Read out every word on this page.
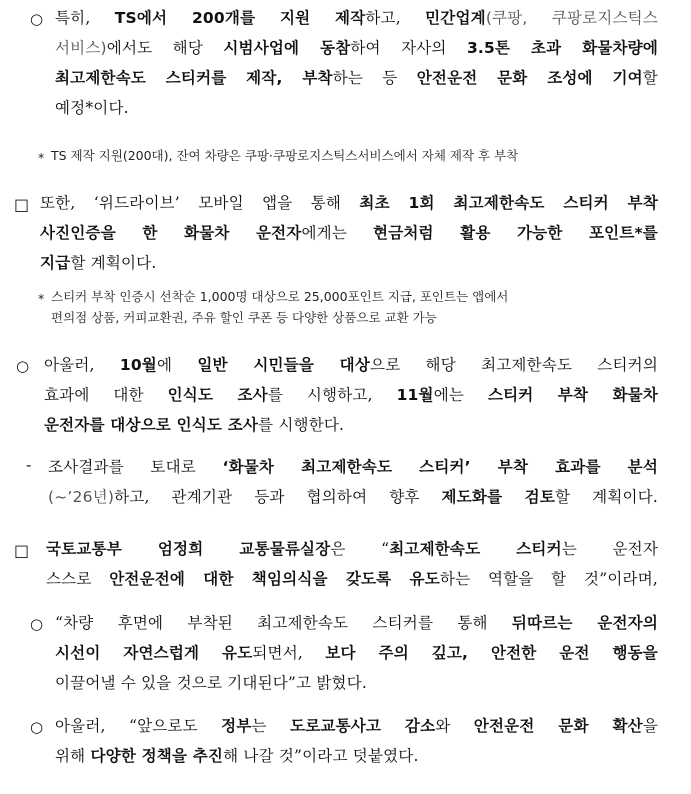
○ 특히, TS에서 200개를 지원 제작하고, 민간업계(쿠팡, 쿠팡로지스틱스
서비스)에서도 해당 시범사업에 동참하여 자사의 3.5톤 초과 화물차량에
최고제한속도 스티커를 제작, 부착하는 등 안전운전 문화 조성에 기여할
예정*이다.
* TS 제작 지원(200대), 잔여 차량은 쿠팡·쿠팡로지스틱스서비스에서 자체 제작 후 부착
□ 또한, ‘위드라이브’ 모바일 앱을 통해 최초 1회 최고제한속도 스티커 부착
사진인증을 한 화물차 운전자에게는 현금처럼 활용 가능한 포인트*를
지급할 계획이다.
* 스티커 부착 인증시 선착순 1,000명 대상으로 25,000포인트 지급, 포인트는 앱에서
편의점 상품, 커피교환권, 주유 할인 쿠폰 등 다양한 상품으로 교환 가능
○ 아울러, 10월에 일반 시민들을 대상으로 해당 최고제한속도 스티커의
효과에 대한 인식도 조사를 시행하고, 11월에는 스티커 부착 화물차
운전자를 대상으로 인식도 조사를 시행한다.
- 조사결과를 토대로 ‘화물차 최고제한속도 스티커’ 부착 효과를 분석
(~’26년)하고, 관계기관 등과 협의하여 향후 제도화를 검토할 계획이다.
□ 국토교통부 엄정희 교통물류실장은 “최고제한속도 스티커는 운전자
스스로 안전운전에 대한 책임의식을 갖도록 유도하는 역할을 할 것”이라며,
○ “차량 후면에 부착된 최고제한속도 스티커를 통해 뒤따르는 운전자의
시선이 자연스럽게 유도되면서, 보다 주의 깊고, 안전한 운전 행동을
이끌어낼 수 있을 것으로 기대된다”고 밝혔다.
○ 아울러, “앞으로도 정부는 도로교통사고 감소와 안전운전 문화 확산을
위해 다양한 정책을 추진해 나갈 것”이라고 덧붙였다.
